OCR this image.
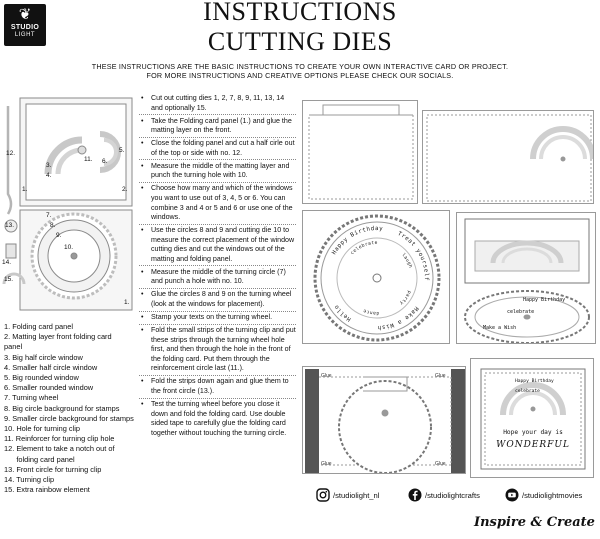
❦
STUDIO
LIGHT
INSTRUCTIONS
CUTTING DIES
THESE INSTRUCTIONS ARE THE BASIC INSTRUCTIONS TO CREATE YOUR OWN INTERACTIVE CARD OR PROJECT.
FOR MORE INSTRUCTIONS AND CREATIVE OPTIONS PLEASE CHECK OUR SOCIALS.
12.
11.
5.
3.
4.
1.	2.
6.
7.
8.
9.
10.
13.
14.
15.
1.
1. Folding card panel
2. Matting layer front folding card
panel
3. Big half circle window
4. Smaller half circle window
5. Big rounded window
6. Smaller rounded window
7. Turning wheel
8. Big circle background for stamps
9. Smaller circle background for stamps
10. Hole for turning clip
11. Reinforcer for turning clip hole
12. Element to take a notch out of
folding card panel
13. Front circle for turning clip
14. Turning clip
15. Extra rainbow element
• Cut out cutting dies 1, 2, 7, 8, 9, 11, 13, 14 and optionally 15.
• Take the Folding card panel (1.) and glue the matting layer on the front.
• Close the folding panel and cut a half cirle out of the top or side with no. 12.
• Measure the middle of the matting layer and punch the turning hole with 10.
• Choose how many and which of the windows you want to use out of 3, 4, 5 or 6. You can combine 3 and 4 or 5 and 6 or use one of the windows.
• Use the circles 8 and 9 and cutting die 10 to measure the correct placement of the window cutting dies and cut the windows out of the matting and folding panel.
• Measure the middle of the turning circle (7) and punch a hole with no. 10.
• Glue the circles 8 and 9 on the turning wheel (look at the windows for placement).
• Stamp your texts on the turning wheel.
• Fold the small strips of the turning clip and put these strips through the turning wheel hole first, and then through the hole in the front of the folding card. Put them through the reinforcement circle last (11.).
• Fold the strips down again and glue them to the front circle (13.).
• Test the turning wheel before you close it down and fold the folding card. Use double sided tape to carefully glue the folding card together without touching the turning circle.
Happy Birthday
Treat yourself
Make a Wish
Hello
celebrate
laugh
party
dance
Happy Birthday
celebrate
Make a Wish
Glue	Glue
Glue	Glue
Happy Birthday
celebrate
Hope your day is
WONDERFUL
/studiolight_nl	/studiolightcrafts	/studiolightmovies
Inspire & Create
